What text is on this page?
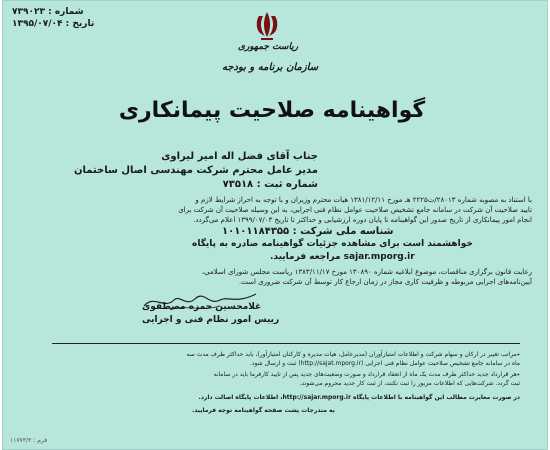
شماره : ۷۳۹۰۲۳
تاریخ : ۱۳۹۵/۰۷/۰۴
ریاست جمهوری
سازمان برنامه و بودجه
گواهینامه صلاحیت پیمانکاری
جناب آقای فضل اله امیر لیراوی
مدیر عامل محترم شرکت مهندسی اصال ساختمان
شماره ثبت : ۷۳۵۱۸
با استناد به مصوبه شماره ۲۸۰۱۳/ت۲۲۲۵ هـ مورخ ۱۳۸۱/۱۲/۱۱ هیات محترم وزیران و با توجه به احراز شرایط لازم و
تایید صلاحیت آن شرکت در سامانه جامع تشخیص صلاحیت عوامل نظام فنی اجرایی، به این وسیله صلاحیت آن شرکت برای
انجام امور پیمانکاری از تاریخ صدور این گواهینامه تا پایان دوره ارزشیابی و حداکثر تا تاریخ ۱۳۹۹/۰۷/۰۳ اعلام می‌گردد.
شناسه ملی شرکت : ۱۰۱۰۱۱۸۴۳۵۵
خواهشمند است برای مشاهده جزئیات گواهینامه صادره به پایگاه
sajar.mporg.ir مراجعه فرمایید.
رعایت قانون برگزاری مناقصات، موضوع ابلاغیه شماره ۱۳۰۸۹۰ مورخ ۱۳۸۳/۱۱/۱۷ ریاست مجلس شورای اسلامی،
آیین‌نامه‌های اجرایی مربوطه و ظرفیت کاری مجاز در زمان ارجاع کار توسط آن شرکت ضروری است.
غلامحسین حمزه مصطفوی
رییس امور نظام فنی و اجرایی
٭مراتب تغییر در ارکان و سهام شرکت و اطلاعات امتیازآوران (مدیرعامل، هیات مدیره و کارکنان امتیازآور)، باید حداکثر ظرف مدت سه
ماه در سامانه جامع تشخیص صلاحیت عوامل نظام فنی اجرایی (http://sajat.mporg.ir) ثبت و ارسال شود.
٭هر قرارداد جدید حداکثر ظرف مدت یک ماه از انعقاد قرارداد و صورت وضعیت‌های جدید پس از تایید کارفرما باید در سامانه
ثبت گردد. شرکت‌هایی که اطلاعات مزبور را ثبت نکنند، از ثبت کار جدید محروم می‌شوند.
در صورت مغایرت مطالب این گواهینامه با اطلاعات پایگاه http://sajar.mporg.ir، اطلاعات پایگاه اصالت دارد.
به مندرجات پشت صفحه گواهینامه توجه فرمایید.
فرم : ۱۱۷۷۳/۳
